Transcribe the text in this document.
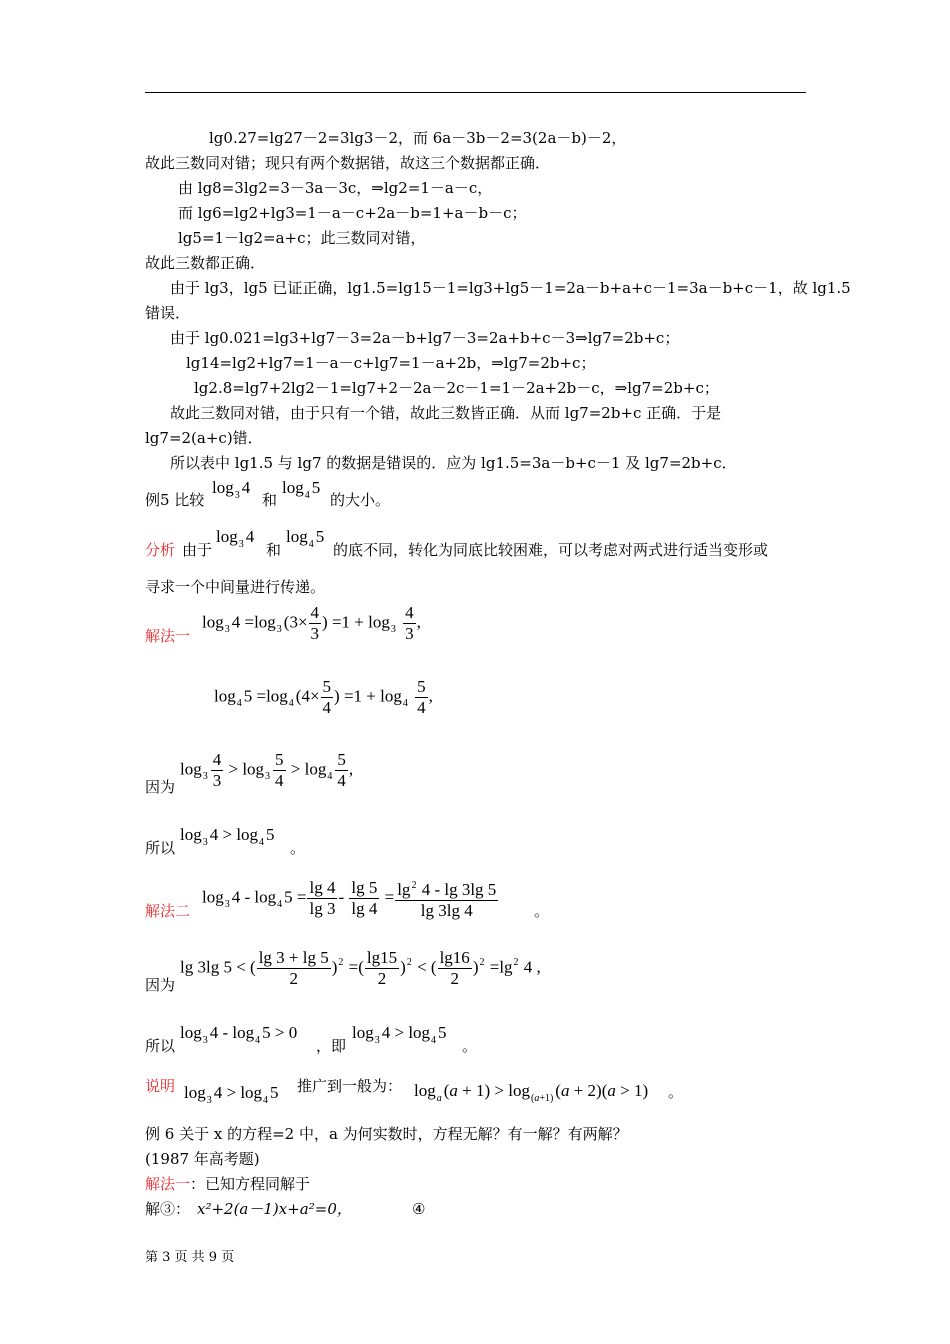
lg0.27=lg27－2=3lg3－2，而 6a－3b－2=3(2a－b)－2，
故此三数同对错；现只有两个数据错，故这三个数据都正确．
由 lg8=3lg2=3－3a－3c，⇒lg2=1－a－c，
而 lg6=lg2+lg3=1－a－c+2a－b=1+a－b－c；
lg5=1－lg2=a+c；此三数同对错，
故此三数都正确．
由于 lg3，lg5 已证正确，lg1.5=lg15－1=lg3+lg5－1=2a－b+a+c－1=3a－b+c－1，故 lg1.5
错误．
由于 lg0.021=lg3+lg7－3=2a－b+lg7－3=2a+b+c－3⇒lg7=2b+c；
lg14=lg2+lg7=1－a－c+lg7=1－a+2b，⇒lg7=2b+c；
lg2.8=lg7+2lg2－1=lg7+2－2a－2c－1=1－2a+2b－c，⇒lg7=2b+c；
故此三数同对错，由于只有一个错，故此三数皆正确．从而 lg7=2b+c 正确．于是
lg7=2(a+c)错．
所以表中 lg1.5 与 lg7 的数据是错误的．应为 lg1.5=3a－b+c－1 及 lg7=2b+c．
例5 比较
$\log_3 4$
和
$\log_4 5$
的大小。
分析 由于
$\log_3 4$
和
$\log_4 5$
的底不同，转化为同底比较困难，可以考虑对两式进行适当变形或
寻求一个中间量进行传递。
解法一
$\log_3 4 =\log_3$ ($3\times \frac{4}{3}$ ) $=1 + \log_3 \frac{4}{3}$ ,
$\log_4 5 =\log_4$ ($4\times \frac{5}{4}$ ) $=1 + \log_4 \frac{5}{4}$ ,
因为
$\log_3 \frac{4}{3} > \log_3 \frac{5}{4} > \log_4 \frac{5}{4}$ ,
所以
$\log_3 4 > \log_4 5$
。
解法二
$\log_3 4 - \log_4 5 = \frac{\lg 4}{\lg 3} - \frac{\lg 5}{\lg 4} = \frac{\lg^2 4 - \lg 3\lg 5}{\lg 3\lg 4}$ 。
因为
lg 3lg 5 < ( $\frac{\lg 3 + \lg 5}{2} )^2$ =( $\frac{\lg 15}{2} )^2$ < ( $\frac{\lg 16}{2} )^2 =\lg^2$ 4 ,
所以
$\log_3 4 - \log_4 5 > 0$
，即
$\log_3 4 > \log_4 5$
。
说明 $\log_3 4 > \log_4 5$ 推广到一般为： $\log_a (a + 1) > \log_{(a+1)} (a + 2)(a > 1)$ 。
例 6 关于 x 的方程=2 中，a 为何实数时，方程无解？有一解？有两解？
(1987 年高考题)
解法一 ：已知方程同解于
解③： x²+2(a－1)x+a²=0，	④
第 3 页 共 9 页
